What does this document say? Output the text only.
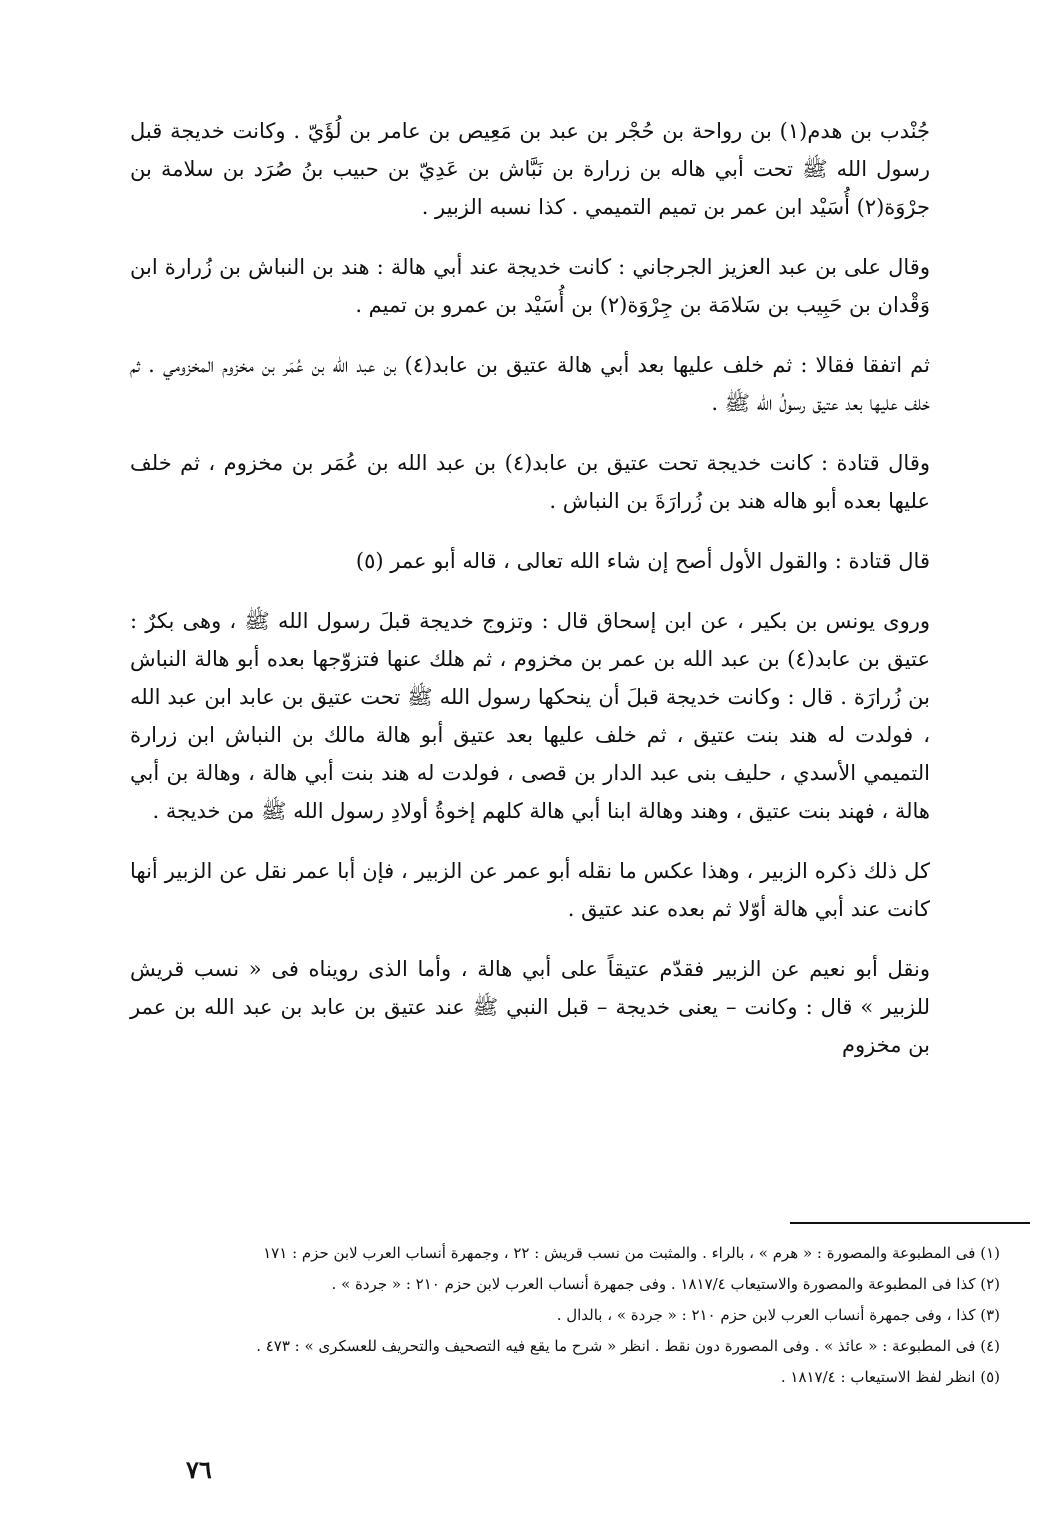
جُنْدب بن هدم(١) بن رواحة بن حُجْر بن عبد بن مَعِيص بن عامر بن لُؤَيّ . وكانت خديجة قبل رسول الله ﷺ تحت أبي هاله بن زرارة بن نَبَّاش بن عَدِيّ بن حبيب بنُ صُرَد بن سلامة بن جرْوَة(٢) أُسَيْد ابن عمر بن تميم التميمي . كذا نسبه الزبير .

وقال على بن عبد العزيز الجرجاني : كانت خديجة عند أبي هالة : هند بن النباش بن زُرارة ابن وَقْدان بن حَبِيب بن سَلامَة بن جِرْوَة(٢) بن أُسَيْد بن عمرو بن تميم .

ثم اتفقا فقالا : ثم خلف عليها بعد أبي هالة عتيق بن عابد(٤) بن عبد الله بن عُمَر بن مخزوم المخزومي . ثم خلف عليها بعد عتيق رسولُ الله ﷺ .

وقال قتادة : كانت خديجة تحت عتيق بن عابد(٤) بن عبد الله بن عُمَر بن مخزوم ، ثم خلف عليها بعده أبو هاله هند بن زُرارَةَ بن النباش .

قال قتادة : والقول الأول أصح إن شاء الله تعالى ، قاله أبو عمر (٥)

وروى يونس بن بكير ، عن ابن إسحاق قال : وتزوج خديجة قبلَ رسول الله ﷺ ، وهى بكرٌ : عتيق بن عابد(٤) بن عبد الله بن عمر بن مخزوم ، ثم هلك عنها فتزوّجها بعده أبو هالة النباش بن زُرارَة . قال : وكانت خديجة قبلَ أن ينحكها رسول الله ﷺ تحت عتيق بن عابد ابن عبد الله ، فولدت له هند بنت عتيق ، ثم خلف عليها بعد عتيق أبو هالة مالك بن النباش ابن زرارة التميمي الأسدي ، حليف بنى عبد الدار بن قصى ، فولدت له هند بنت أبي هالة ، وهالة بن أبي هالة ، فهند بنت عتيق ، وهند وهالة ابنا أبي هالة كلهم إخوةُ أولادِ رسول الله ﷺ من خديجة .

كل ذلك ذكره الزبير ، وهذا عكس ما نقله أبو عمر عن الزبير ، فإن أبا عمر نقل عن الزبير أنها كانت عند أبي هالة أوّلا ثم بعده عند عتيق .

ونقل أبو نعيم عن الزبير فقدّم عتيقاً على أبي هالة ، وأما الذى رويناه فى « نسب قريش للزبير » قال : وكانت – يعنى خديجة – قبل النبي ﷺ عند عتيق بن عابد بن عبد الله بن عمر بن مخزوم

(١) فى المطبوعة والمصورة : « هرم » ، بالراء . والمثبت من نسب قريش : ٢٢ ، وجمهرة أنساب العرب لابن حزم : ١٧١
(٢) كذا فى المطبوعة والمصورة والاستيعاب ١٨١٧/٤ . وفى جمهرة أنساب العرب لابن حزم ٢١٠ : « جردة » .
(٣) كذا ، وفى جمهرة أنساب العرب لابن حزم ٢١٠ : « جردة » ، بالدال .
(٤) فى المطبوعة : « عائذ » . وفى المصورة دون نقط . انظر « شرح ما يقع فيه التصحيف والتحريف للعسكرى » : ٤٧٣ .
(٥) انظر لفظ الاستيعاب : ١٨١٧/٤ .
٧٦
